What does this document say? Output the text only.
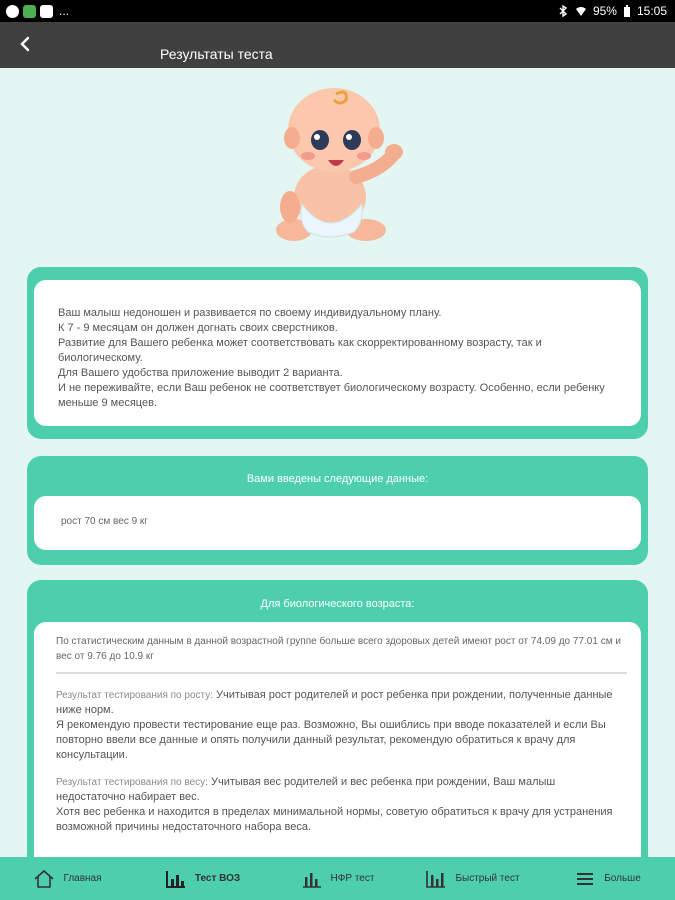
...	95% 15:05
Результаты теста
Ваш малыш недоношен и развивается по своему индивидуальному плану.
К 7 - 9 месяцам он должен догнать своих сверстников.
Развитие для Вашего ребенка может соответствовать как скорректированному возрасту, так и биологическому.
Для Вашего удобства приложение выводит 2 варианта.
И не переживайте, если Ваш ребенок не соответствует биологическому возрасту. Особенно, если ребенку меньше 9 месяцев.
Вами введены следующие данные:
рост 70 см вес 9 кг
Для биологического возраста:
По статистическим данным в данной возрастной группе больше всего здоровых детей имеют рост от 74.09 до 77.01 см и вес от 9.76 до 10.9 кг
Результат тестирования по росту: Учитывая рост родителей и рост ребенка при рождении, полученные данные ниже норм.
Я рекомендую провести тестирование еще раз. Возможно, Вы ошиблись при вводе показателей и если Вы повторно ввели все данные и опять получили данный результат, рекомендую обратиться к врачу для консультации.
Результат тестирования по весу: Учитывая вес родителей и вес ребенка при рождении, Ваш малыш недостаточно набирает вес.
Хотя вес ребенка и находится в пределах минимальной нормы, советую обратиться к врачу для устранения возможной причины недостаточного набора веса.
Главная	Тест ВОЗ	НФР тест	Быстрый тест	Больше
